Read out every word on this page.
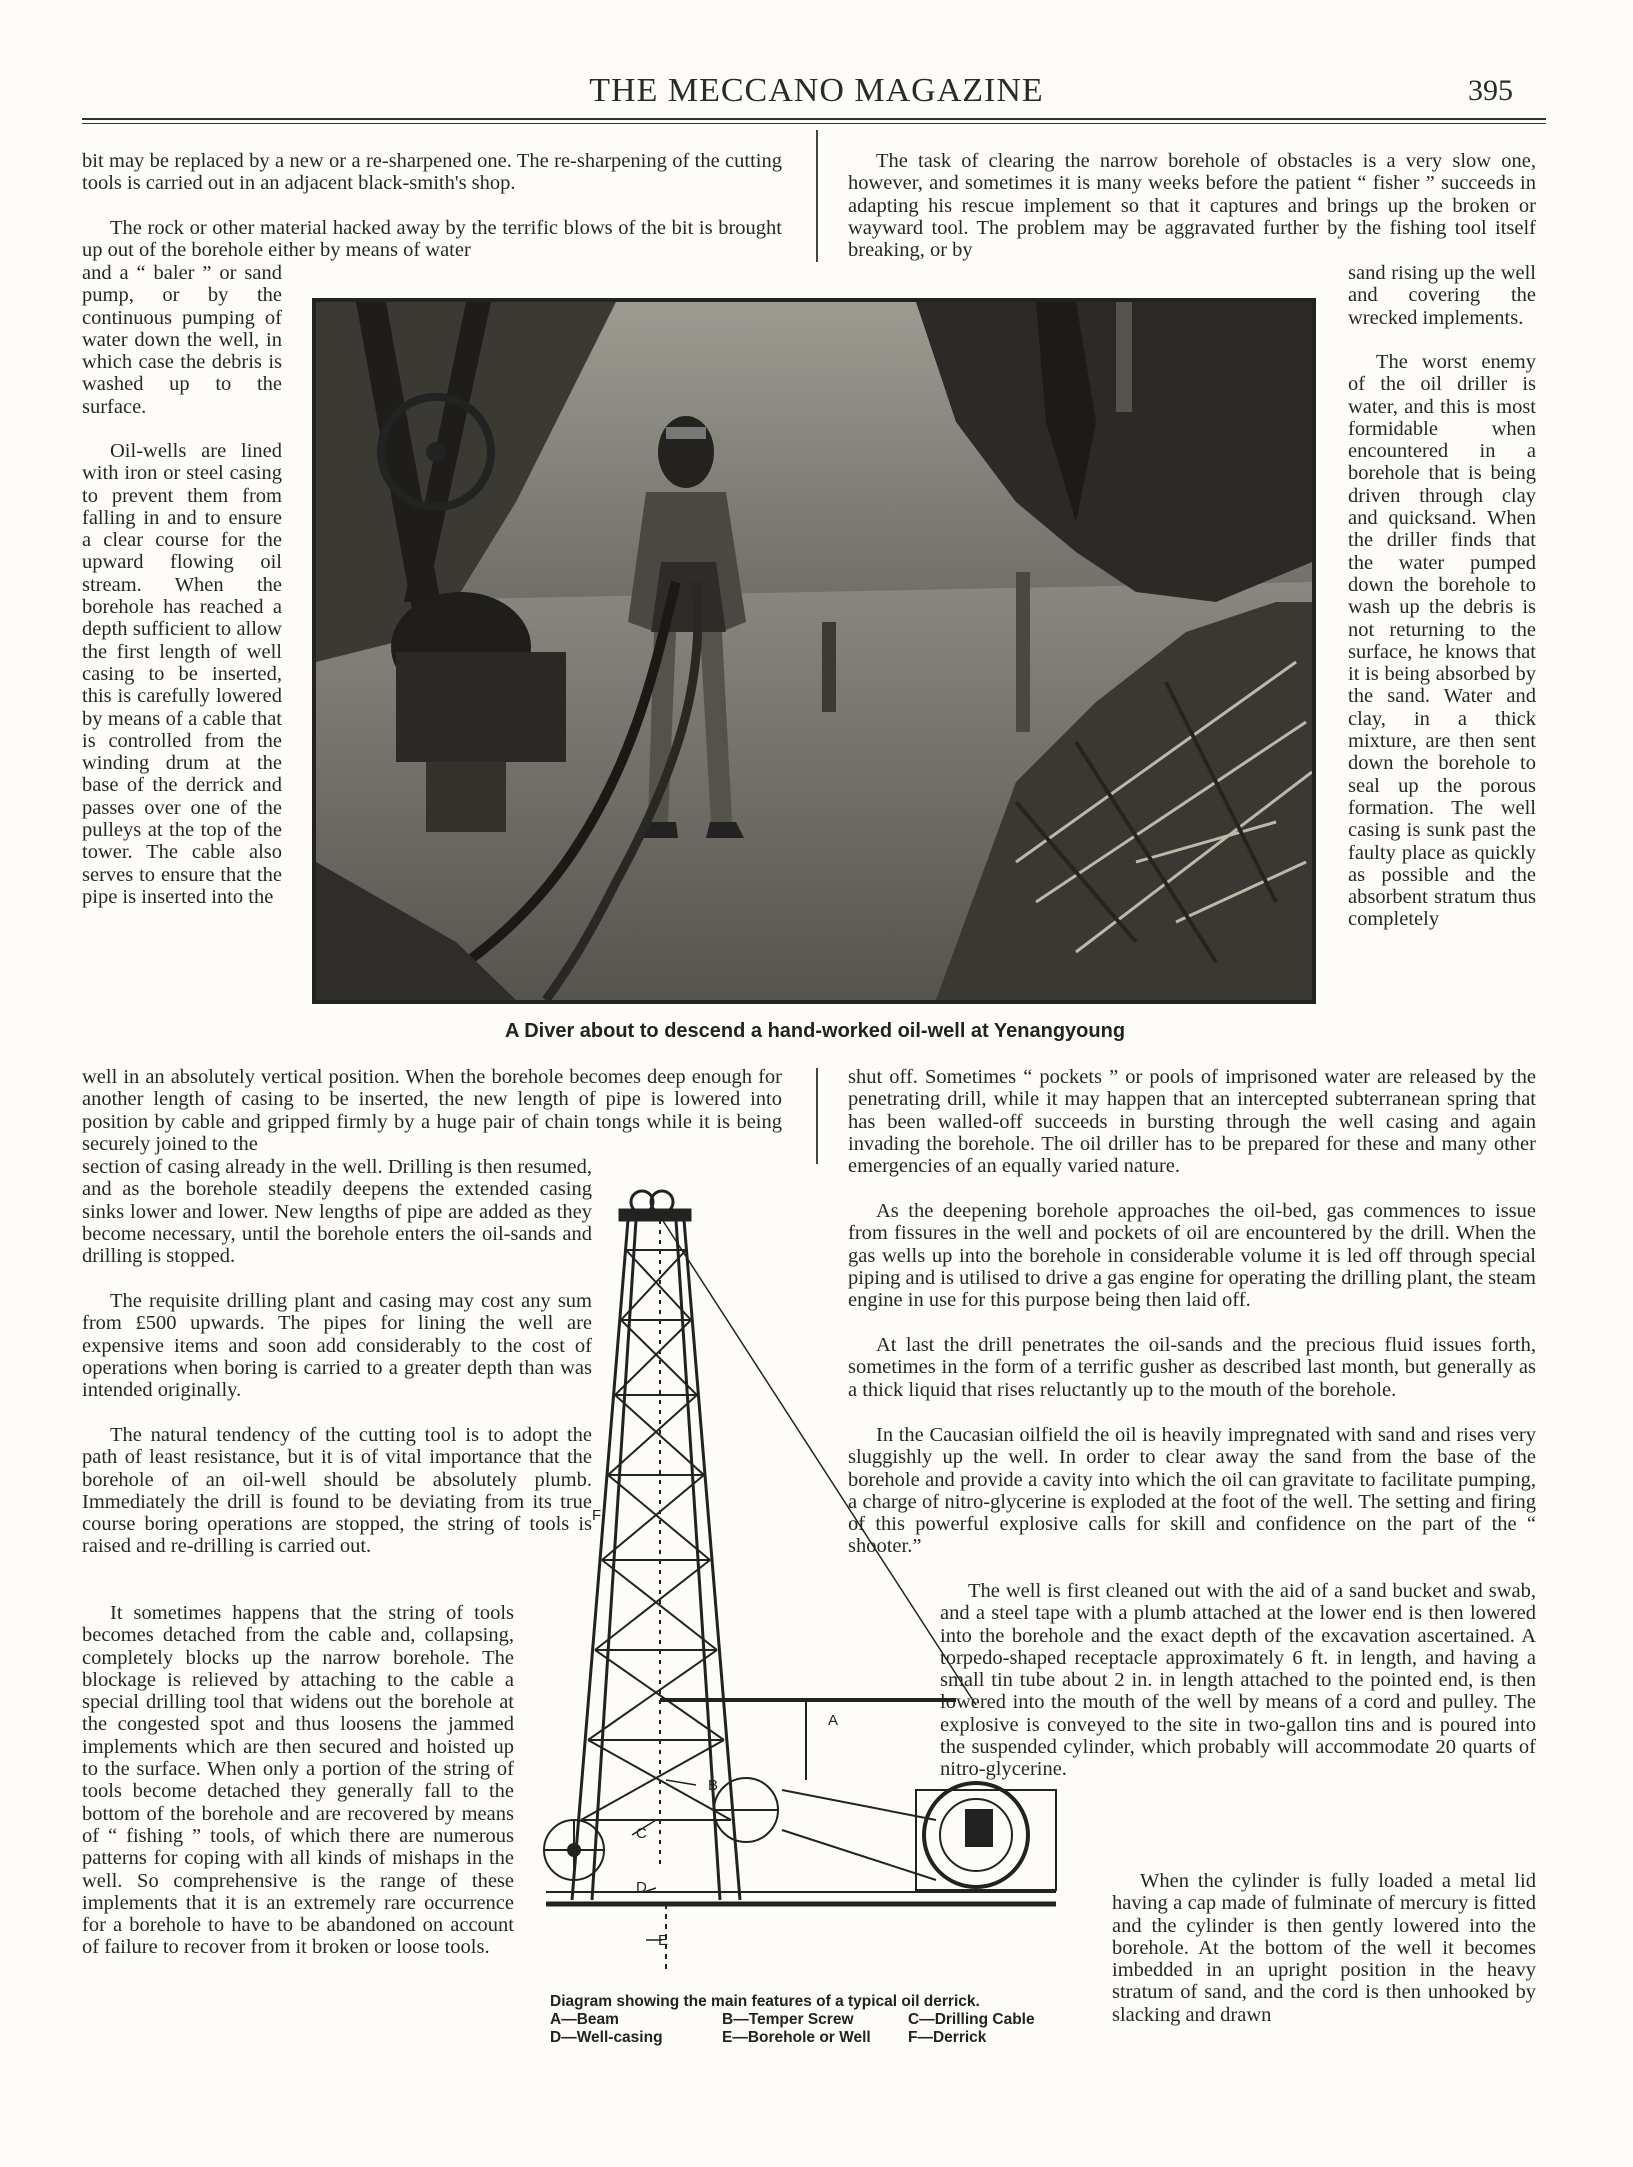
THE MECCANO MAGAZINE	395

bit may be replaced by a new or a re-sharpened one. The re-sharpening of the cutting tools is carried out in an adjacent black-smith's shop.

The rock or other material hacked away by the terrific blows of the bit is brought up out of the borehole either by means of water

and a “ baler ” or sand pump, or by the continuous pumping of water down the well, in which case the debris is washed up to the surface.

Oil-wells are lined with iron or steel casing to prevent them from falling in and to ensure a clear course for the upward flowing oil stream. When the borehole has reached a depth sufficient to allow the first length of well casing to be inserted, this is carefully lowered by means of a cable that is controlled from the winding drum at the base of the derrick and passes over one of the pulleys at the top of the tower. The cable also serves to ensure that the pipe is inserted into the

well in an absolutely vertical position. When the borehole becomes deep enough for another length of casing to be inserted, the new length of pipe is lowered into position by cable and gripped firmly by a huge pair of chain tongs while it is being securely joined to the

section of casing already in the well. Drilling is then resumed, and as the borehole steadily deepens the extended casing sinks lower and lower. New lengths of pipe are added as they become necessary, until the borehole enters the oil-sands and drilling is stopped.

The requisite drilling plant and casing may cost any sum from £500 upwards. The pipes for lining the well are expensive items and soon add considerably to the cost of operations when boring is carried to a greater depth than was intended originally.

The natural tendency of the cutting tool is to adopt the path of least resistance, but it is of vital importance that the borehole of an oil-well should be absolutely plumb. Immediately the drill is found to be deviating from its true course boring operations are stopped, the string of tools is raised and re-drilling is carried out.

It sometimes happens that the string of tools becomes detached from the cable and, collapsing, completely blocks up the narrow borehole. The blockage is relieved by attaching to the cable a special drilling tool that widens out the borehole at the congested spot and thus loosens the jammed implements which are then secured and hoisted up to the surface. When only a portion of the string of tools become detached they generally fall to the bottom of the borehole and are recovered by means of “ fishing ” tools, of which there are numerous patterns for coping with all kinds of mishaps in the well. So comprehensive is the range of these implements that it is an extremely rare occurrence for a borehole to have to be abandoned on account of failure to recover from it broken or loose tools.

The task of clearing the narrow borehole of obstacles is a very slow one, however, and sometimes it is many weeks before the patient “ fisher ” succeeds in adapting his rescue implement so that it captures and brings up the broken or wayward tool. The problem may be aggravated further by the fishing tool itself breaking, or by

sand rising up the well and covering the wrecked implements.

The worst enemy of the oil driller is water, and this is most formidable when encountered in a borehole that is being driven through clay and quicksand. When the driller finds that the water pumped down the borehole to wash up the debris is not returning to the surface, he knows that it is being absorbed by the sand. Water and clay, in a thick mixture, are then sent down the borehole to seal up the porous formation. The well casing is sunk past the faulty place as quickly as possible and the absorbent stratum thus completely

shut off. Sometimes “ pockets ” or pools of imprisoned water are released by the penetrating drill, while it may happen that an intercepted subterranean spring that has been walled-off succeeds in bursting through the well casing and again invading the borehole. The oil driller has to be prepared for these and many other emergencies of an equally varied nature.

As the deepening borehole approaches the oil-bed, gas commences to issue from fissures in the well and pockets of oil are encountered by the drill. When the gas wells up into the borehole in considerable volume it is led off through special piping and is utilised to drive a gas engine for operating the drilling plant, the steam engine in use for this purpose being then laid off.

At last the drill penetrates the oil-sands and the precious fluid issues forth, sometimes in the form of a terrific gusher as described last month, but generally as a thick liquid that rises reluctantly up to the mouth of the borehole.

In the Caucasian oilfield the oil is heavily impregnated with sand and rises very sluggishly up the well. In order to clear away the sand from the base of the borehole and provide a cavity into which the oil can gravitate to facilitate pumping, a charge of nitro-glycerine is exploded at the foot of the well. The setting and firing of this powerful explosive calls for skill and confidence on the part of the “ shooter.”

The well is first cleaned out with the aid of a sand bucket and swab, and a steel tape with a plumb attached at the lower end is then lowered into the borehole and the exact depth of the excavation ascertained. A torpedo-shaped receptacle approximately 6 ft. in length, and having a small tin tube about 2 in. in length attached to the pointed end, is then lowered into the mouth of the well by means of a cord and pulley. The explosive is conveyed to the site in two-gallon tins and is poured into the suspended cylinder, which probably will accommodate 20 quarts of nitro-glycerine.

When the cylinder is fully loaded a metal lid having a cap made of fulminate of mercury is fitted and the cylinder is then gently lowered into the borehole. At the bottom of the well it becomes imbedded in an upright position in the heavy stratum of sand, and the cord is then unhooked by slacking and drawn

A Diver about to descend a hand-worked oil-well at Yenangyoung
F
A
B
C
D
E
Diagram showing the main features of a typical oil derrick.
A—Beam	B—Temper Screw	C—Drilling Cable
D—Well-casing	E—Borehole or Well F—Derrick
